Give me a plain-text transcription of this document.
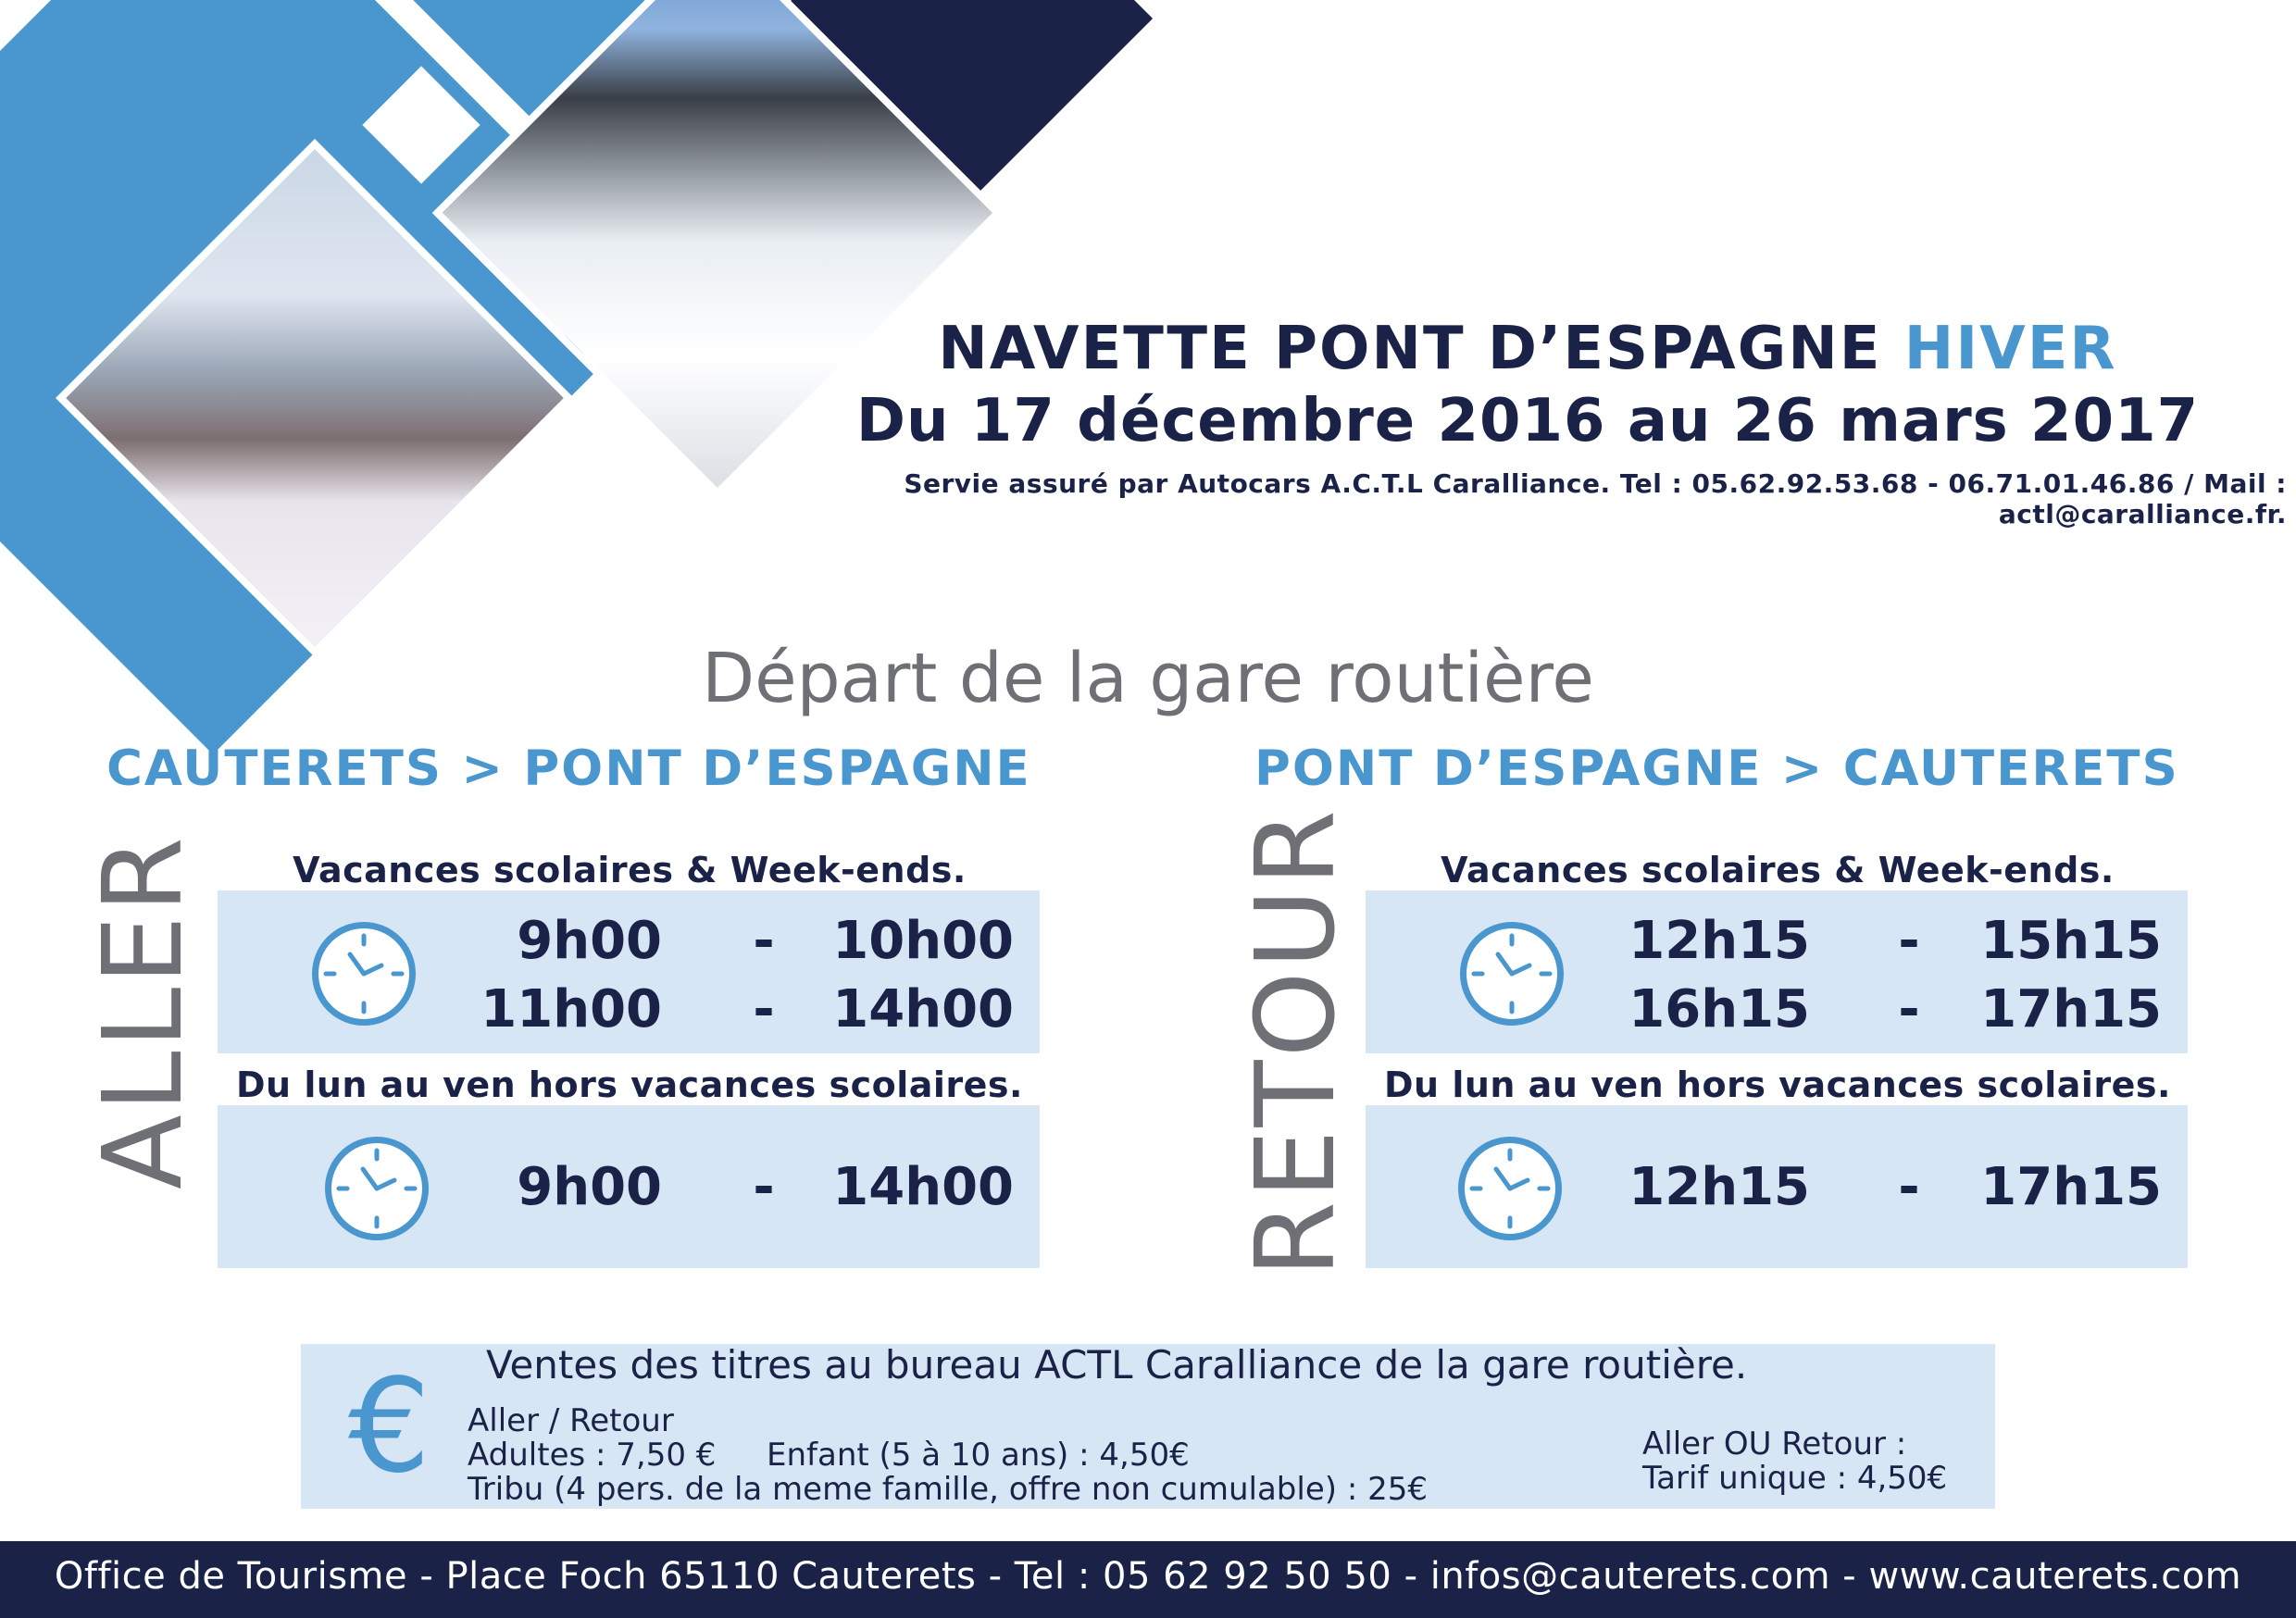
NAVETTE PONT D’ESPAGNE HIVER
Du 17 décembre 2016 au 26 mars 2017
Servie assuré par Autocars A.C.T.L Caralliance. Tel : 05.62.92.53.68 - 06.71.01.46.86 / Mail : actl@caralliance.fr.
Départ de la gare routière
CAUTERETS > PONT D’ESPAGNE	PONT D’ESPAGNE > CAUTERETS
ALLER	RETOUR
Vacances scolaires & Week-ends.
9h00 -	10h00
11h00 -	14h00
Du lun au ven hors vacances scolaires.
9h00 -	14h00
Vacances scolaires & Week-ends.
12h15 -	15h15
16h15 -	17h15
Du lun au ven hors vacances scolaires.
12h15 -	17h15
€ Ventes des titres au bureau ACTL Caralliance de la gare routière.
Aller / Retour
Adultes : 7,50 € Enfant (5 à 10 ans) : 4,50€
Tribu (4 pers. de la meme famille, offre non cumulable) : 25€
Aller OU Retour :
Tarif unique : 4,50€
Office de Tourisme - Place Foch 65110 Cauterets - Tel : 05 62 92 50 50 - infos@cauterets.com - www.cauterets.com
